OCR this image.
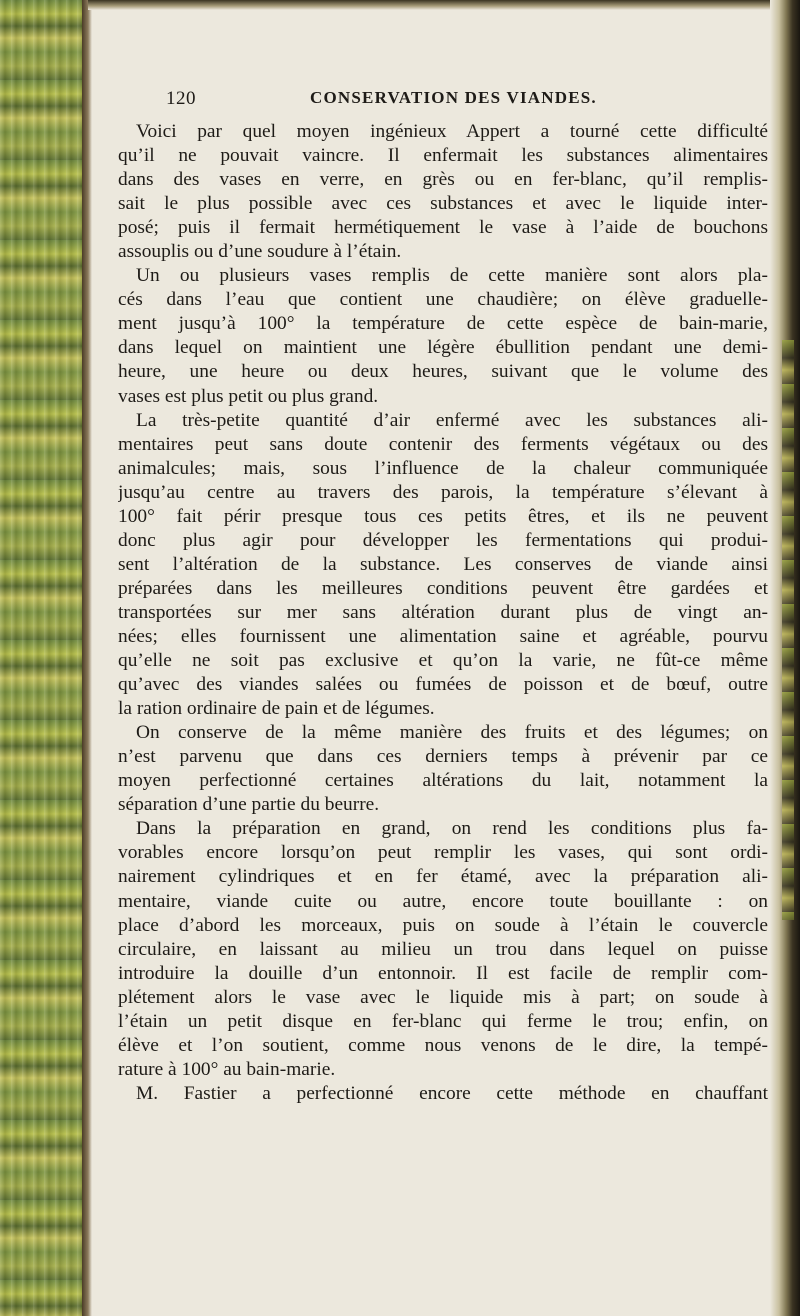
120	CONSERVATION DES VIANDES.
Voici par quel moyen ingénieux Appert a tourné cette difficulté
qu’il ne pouvait vaincre. Il enfermait les substances alimentaires
dans des vases en verre, en grès ou en fer-blanc, qu’il remplis-
sait le plus possible avec ces substances et avec le liquide inter-
posé; puis il fermait hermétiquement le vase à l’aide de bouchons
assouplis ou d’une soudure à l’étain.
Un ou plusieurs vases remplis de cette manière sont alors pla-
cés dans l’eau que contient une chaudière; on élève graduelle-
ment jusqu’à 100° la température de cette espèce de bain-marie,
dans lequel on maintient une légère ébullition pendant une demi-
heure, une heure ou deux heures, suivant que le volume des
vases est plus petit ou plus grand.
La très-petite quantité d’air enfermé avec les substances ali-
mentaires peut sans doute contenir des ferments végétaux ou des
animalcules; mais, sous l’influence de la chaleur communiquée
jusqu’au centre au travers des parois, la température s’élevant à
100° fait périr presque tous ces petits êtres, et ils ne peuvent
donc plus agir pour développer les fermentations qui produi-
sent l’altération de la substance. Les conserves de viande ainsi
préparées dans les meilleures conditions peuvent être gardées et
transportées sur mer sans altération durant plus de vingt an-
nées; elles fournissent une alimentation saine et agréable, pourvu
qu’elle ne soit pas exclusive et qu’on la varie, ne fût-ce même
qu’avec des viandes salées ou fumées de poisson et de bœuf, outre
la ration ordinaire de pain et de légumes.
On conserve de la même manière des fruits et des légumes; on
n’est parvenu que dans ces derniers temps à prévenir par ce
moyen perfectionné certaines altérations du lait, notamment la
séparation d’une partie du beurre.
Dans la préparation en grand, on rend les conditions plus fa-
vorables encore lorsqu’on peut remplir les vases, qui sont ordi-
nairement cylindriques et en fer étamé, avec la préparation ali-
mentaire, viande cuite ou autre, encore toute bouillante : on
place d’abord les morceaux, puis on soude à l’étain le couvercle
circulaire, en laissant au milieu un trou dans lequel on puisse
introduire la douille d’un entonnoir. Il est facile de remplir com-
plétement alors le vase avec le liquide mis à part; on soude à
l’étain un petit disque en fer-blanc qui ferme le trou; enfin, on
élève et l’on soutient, comme nous venons de le dire, la tempé-
rature à 100° au bain-marie.
M. Fastier a perfectionné encore cette méthode en chauffant
